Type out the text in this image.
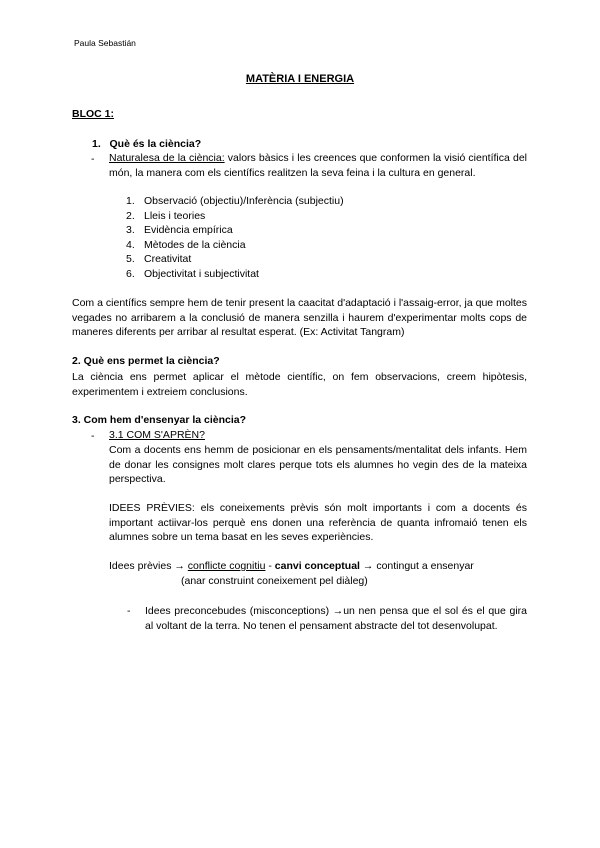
Paula Sebastián
MATÈRIA I ENERGIA
BLOC 1:
1.   Què és la ciència?
- Naturalesa de la ciència: valors bàsics i les creences que conformen la visió científica del món, la manera com els científics realitzen la seva feina i la cultura en general.
1. Observació (objectiu)/Inferència (subjectiu)
2. Lleis i teories
3. Evidència empírica
4. Mètodes de la ciència
5. Creativitat
6. Objectivitat i subjectivitat
Com a científics sempre hem de tenir present la caacitat d'adaptació i l'assaig-error, ja que moltes vegades no arribarem a la conclusió de manera senzilla i haurem d'experimentar molts cops de maneres diferents per arribar al resultat esperat. (Ex: Activitat Tangram)
2. Què ens permet la ciència?
La ciència ens permet aplicar el mètode científic, on fem observacions, creem hipòtesis, experimentem i extreiem conclusions.
3. Com hem d'ensenyar la ciència?
- 3.1 COM S'APRÈN?
Com a docents ens hemm de posicionar en els pensaments/mentalitat dels infants. Hem de donar les consignes molt clares perque tots els alumnes ho vegin des de la mateixa perspectiva.
IDEES PRÈVIES: els coneixements prèvis són molt importants i com a docents és important actiivar-los perquè ens donen una referència de quanta infromaió tenen els alumnes sobre un tema basat en les seves experiències.
Idees prèvies → conflicte cognitiu - canvi conceptual → contingut a ensenyar
(anar construint coneixement pel diàleg)
- Idees preconcebudes (misconceptions) →un nen pensa que el sol és el que gira al voltant de la terra. No tenen el pensament abstracte del tot desenvolupat.
